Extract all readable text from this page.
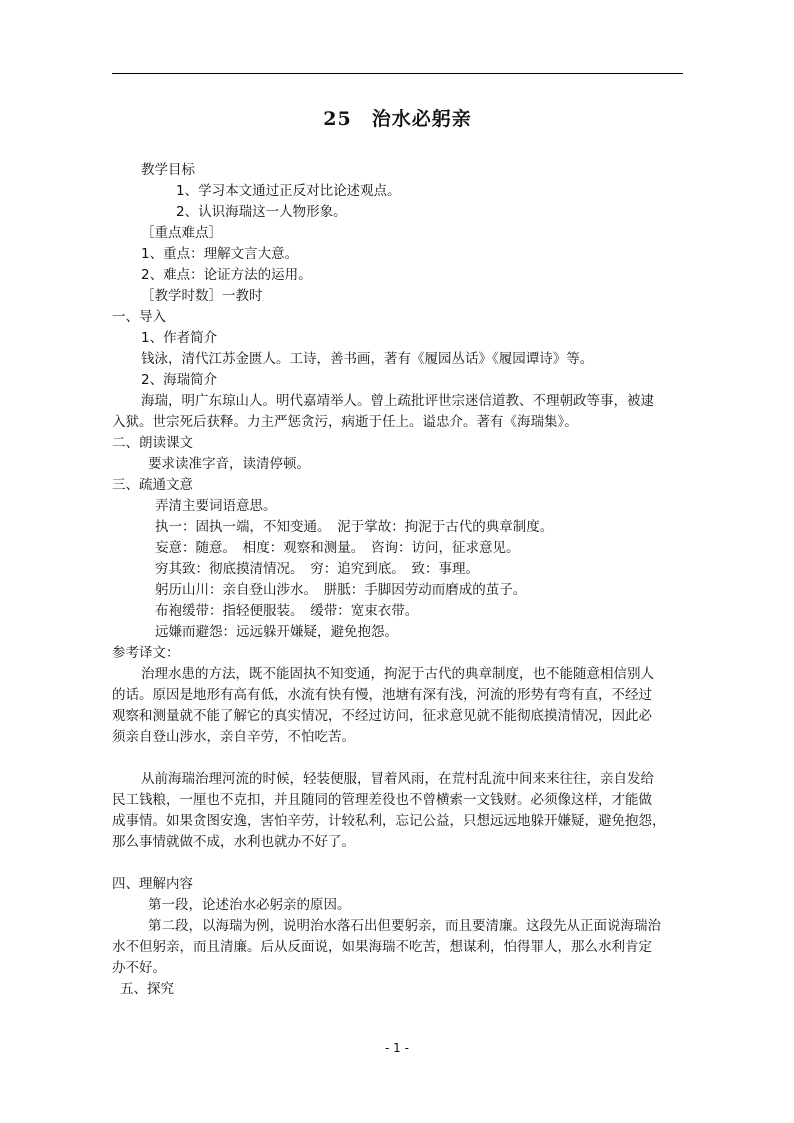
25　治水必躬亲
教学目标
1、学习本文通过正反对比论述观点。
2、认识海瑞这一人物形象。
［重点难点］
1、重点：理解文言大意。
2、难点：论证方法的运用。
［教学时数］一教时
一、导入
1、作者简介
钱泳，清代江苏金匮人。工诗，善书画，著有《履园丛话》《履园谭诗》等。
2、海瑞简介
海瑞，明广东琼山人。明代嘉靖举人。曾上疏批评世宗迷信道教、不理朝政等事，被逮
入狱。世宗死后获释。力主严惩贪污，病逝于任上。谥忠介。著有《海瑞集》。
二、朗读课文
要求读准字音，读清停顿。
三、疏通文意
弄清主要词语意思。
执一：固执一端，不知变通。　泥于掌故：拘泥于古代的典章制度。
妄意：随意。　相度：观察和测量。　咨询：访问，征求意见。
穷其致：彻底摸清情况。　穷：追究到底。　致：事理。
躬历山川：亲自登山涉水。　胼胝：手脚因劳动而磨成的茧子。
布袍缓带：指轻便服装。　缓带：宽束衣带。
远嫌而避怨：远远躲开嫌疑，避免抱怨。
参考译文：
治理水患的方法，既不能固执不知变通，拘泥于古代的典章制度，也不能随意相信别人
的话。原因是地形有高有低，水流有快有慢，池塘有深有浅，河流的形势有弯有直，不经过
观察和测量就不能了解它的真实情况，不经过访问，征求意见就不能彻底摸清情况，因此必
须亲自登山涉水，亲自辛劳，不怕吃苦。
从前海瑞治理河流的时候，轻装便服，冒着风雨，在荒村乱流中间来来往往，亲自发给
民工钱粮，一厘也不克扣，并且随同的管理差役也不曾横索一文钱财。必须像这样，才能做
成事情。如果贪图安逸，害怕辛劳，计较私利，忘记公益，只想远远地躲开嫌疑，避免抱怨，
那么事情就做不成，水利也就办不好了。
四、理解内容
第一段，论述治水必躬亲的原因。
第二段，以海瑞为例，说明治水落石出但要躬亲，而且要清廉。这段先从正面说海瑞治
水不但躬亲，而且清廉。后从反面说，如果海瑞不吃苦，想谋利，怕得罪人，那么水利肯定
办不好。
五、探究
- 1 -
